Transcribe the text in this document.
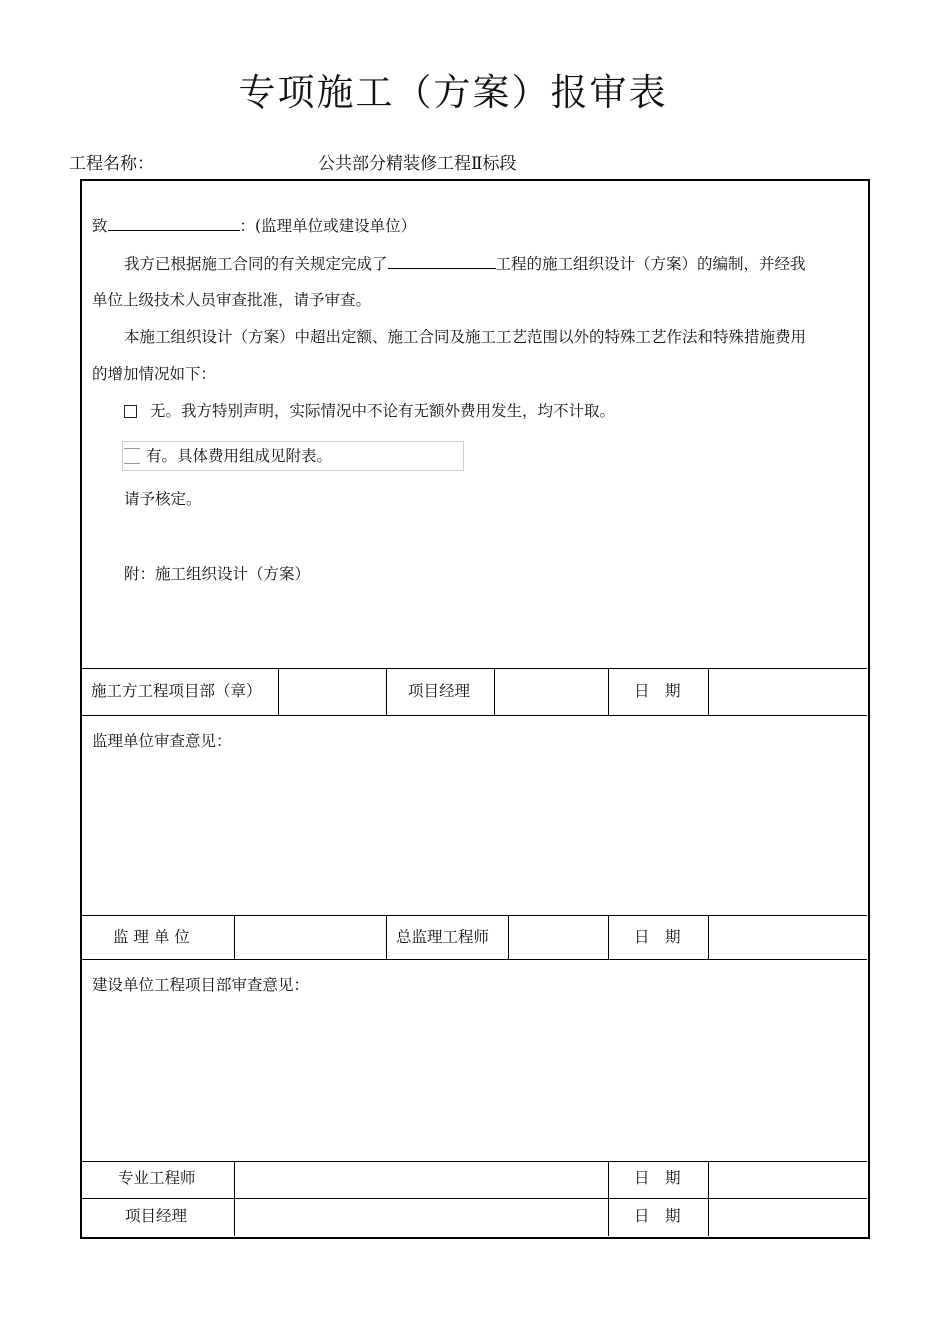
专项施工（方案）报审表
工程名称：	公共部分精装修工程Ⅱ标段
致	：(监理单位或建设单位）
我方已根据施工合同的有关规定完成了	工程的施工组织设计（方案）的编制，并经我
单位上级技术人员审查批准，请予审查。
本施工组织设计（方案）中超出定额、施工合同及施工工艺范围以外的特殊工艺作法和特殊措施费用
的增加情况如下：
无。我方特别声明，实际情况中不论有无额外费用发生，均不计取。
有。具体费用组成见附表。
请予核定。
附：施工组织设计（方案）
施工方工程项目部（章）	项目经理	日　期
监理单位审查意见：
监 理 单 位	总监理工程师	日　期
建设单位工程项目部审查意见：
专业工程师	日　期
项目经理	日　期
